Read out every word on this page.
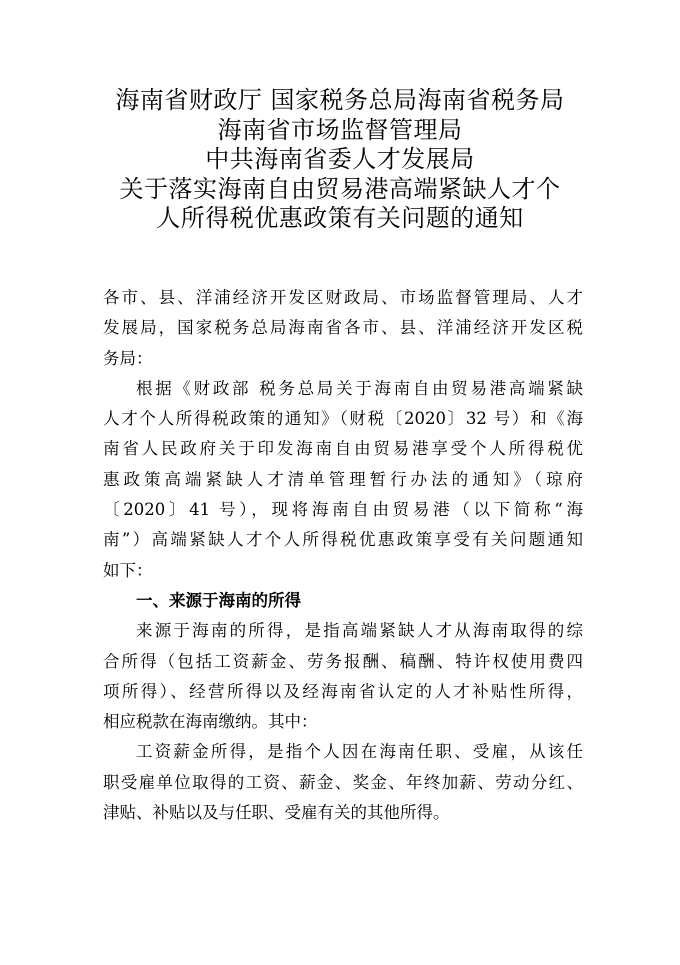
海南省财政厅 国家税务总局海南省税务局
海南省市场监督管理局
中共海南省委人才发展局
关于落实海南自由贸易港高端紧缺人才个
人所得税优惠政策有关问题的通知
各市、县、洋浦经济开发区财政局、市场监督管理局、人才
发展局，国家税务总局海南省各市、县、洋浦经济开发区税
务局：
根据《财政部 税务总局关于海南自由贸易港高端紧缺
人才个人所得税政策的通知》（财税〔2020〕32 号）和《海
南省人民政府关于印发海南自由贸易港享受个人所得税优
惠政策高端紧缺人才清单管理暂行办法的通知》（琼府
〔2020〕41 号），现将海南自由贸易港（以下简称“海
南”）高端紧缺人才个人所得税优惠政策享受有关问题通知
如下：
一、来源于海南的所得
来源于海南的所得，是指高端紧缺人才从海南取得的综
合所得（包括工资薪金、劳务报酬、稿酬、特许权使用费四
项所得）、经营所得以及经海南省认定的人才补贴性所得，
相应税款在海南缴纳。其中：
工资薪金所得，是指个人因在海南任职、受雇，从该任
职受雇单位取得的工资、薪金、奖金、年终加薪、劳动分红、
津贴、补贴以及与任职、受雇有关的其他所得。
